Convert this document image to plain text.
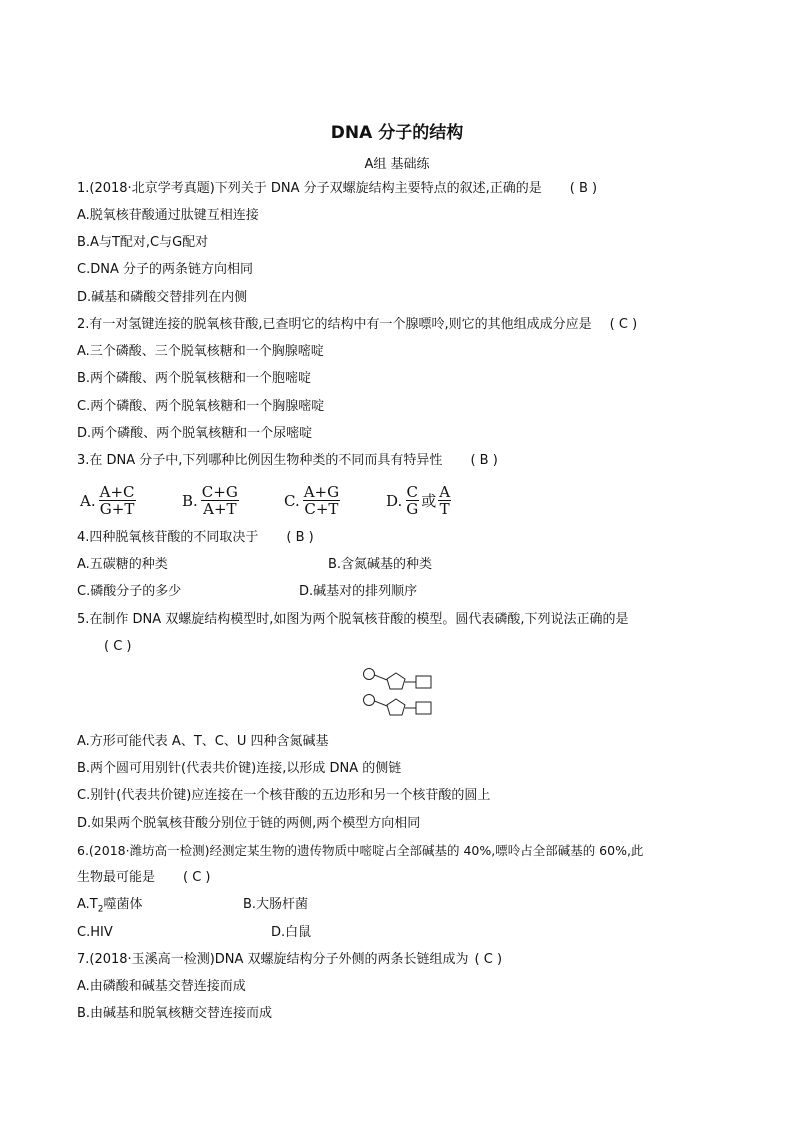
DNA 分子的结构
A组 基础练
1.(2018·北京学考真题)下列关于 DNA 分子双螺旋结构主要特点的叙述,正确的是 ( B )
A.脱氧核苷酸通过肽键互相连接
B.A与T配对,C与G配对
C.DNA 分子的两条链方向相同
D.碱基和磷酸交替排列在内侧
2.有一对氢键连接的脱氧核苷酸,已查明它的结构中有一个腺嘌呤,则它的其他组成成分应是 ( C )
A.三个磷酸、三个脱氧核糖和一个胸腺嘧啶
B.两个磷酸、两个脱氧核糖和一个胞嘧啶
C.两个磷酸、两个脱氧核糖和一个胸腺嘧啶
D.两个磷酸、两个脱氧核糖和一个尿嘧啶
3.在 DNA 分子中,下列哪种比例因生物种类的不同而具有特异性 ( B )
A. $\frac{A+C}{G+T}$	B. $\frac{C+G}{A+T}$	C. $\frac{A+G}{C+T}$	D. $\frac{C}{G}$ 或 $\frac{A}{T}$
4.四种脱氧核苷酸的不同取决于 ( B )
A.五碳糖的种类	B.含氮碱基的种类
C.磷酸分子的多少	D.碱基对的排列顺序
5.在制作 DNA 双螺旋结构模型时,如图为两个脱氧核苷酸的模型。圆代表磷酸,下列说法正确的是
( C )
A.方形可能代表 A、T、C、U 四种含氮碱基
B.两个圆可用别针(代表共价键)连接,以形成 DNA 的侧链
C.别针(代表共价键)应连接在一个核苷酸的五边形和另一个核苷酸的圆上
D.如果两个脱氧核苷酸分别位于链的两侧,两个模型方向相同
6.(2018·潍坊高一检测)经测定某生物的遗传物质中嘧啶占全部碱基的 40%,嘌呤占全部碱基的 60%,此
生物最可能是 ( C )
$A.T_2$噬菌体	B.大肠杆菌
C.HIV	D.白鼠
7.(2018·玉溪高一检测)DNA 双螺旋结构分子外侧的两条长链组成为 ( C )
A.由磷酸和碱基交替连接而成
B.由碱基和脱氧核糖交替连接而成
